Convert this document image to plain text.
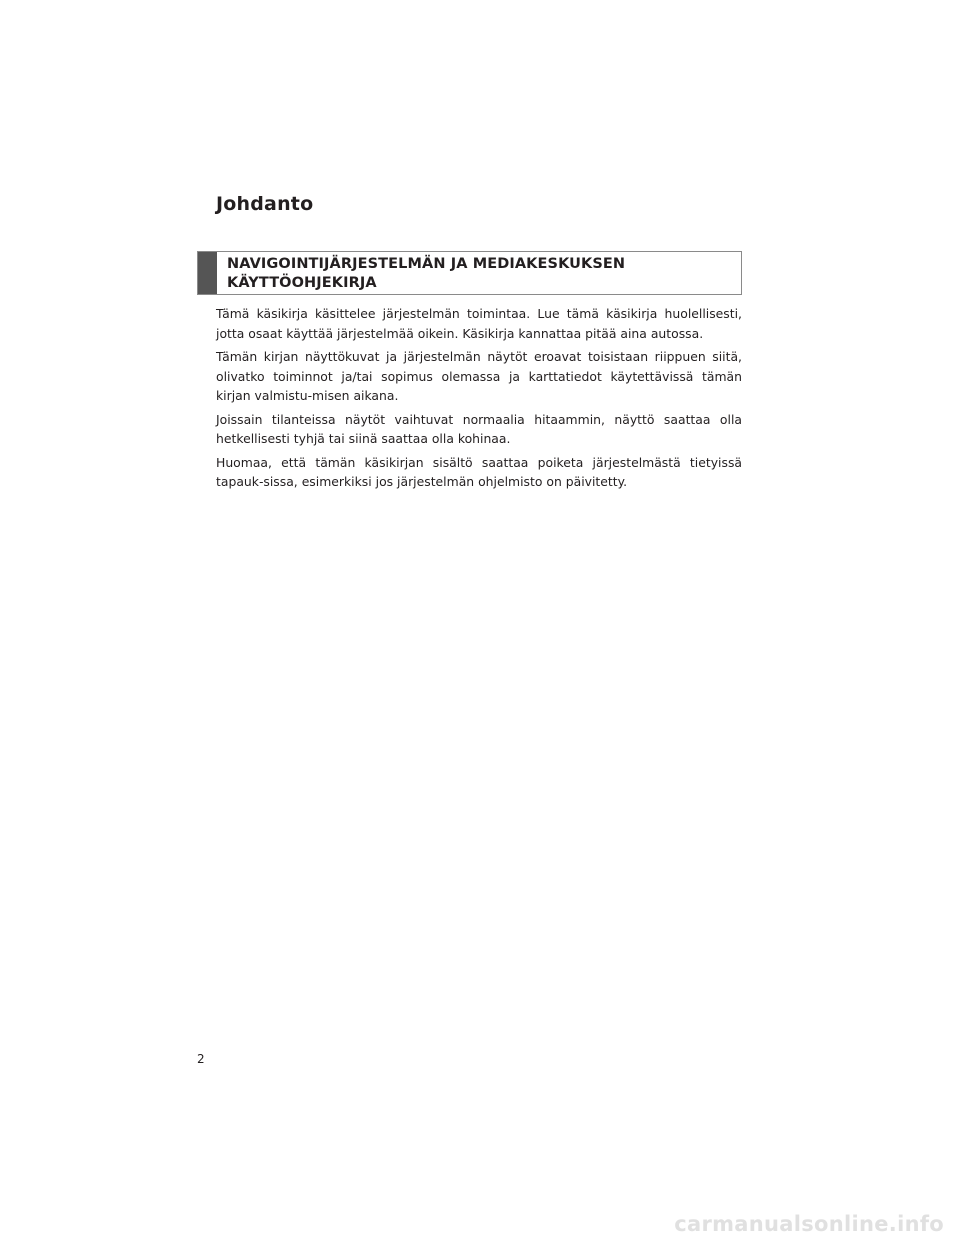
Johdanto
NAVIGOINTIJÄRJESTELMÄN JA MEDIAKESKUKSEN
KÄYTTÖOHJEKIRJA

Tämä käsikirja käsittelee järjestelmän toimintaa. Lue tämä käsikirja huolellisesti, jotta osaat käyttää järjestelmää oikein. Käsikirja kannattaa pitää aina autossa.

Tämän kirjan näyttökuvat ja järjestelmän näytöt eroavat toisistaan riippuen siitä, olivatko toiminnot ja/tai sopimus olemassa ja karttatiedot käytettävissä tämän kirjan valmistu-misen aikana.

Joissain tilanteissa näytöt vaihtuvat normaalia hitaammin, näyttö saattaa olla hetkellisesti tyhjä tai siinä saattaa olla kohinaa.

Huomaa, että tämän käsikirjan sisältö saattaa poiketa järjestelmästä tietyissä tapauk-sissa, esimerkiksi jos järjestelmän ohjelmisto on päivitetty.

2
carmanualsonline.info
